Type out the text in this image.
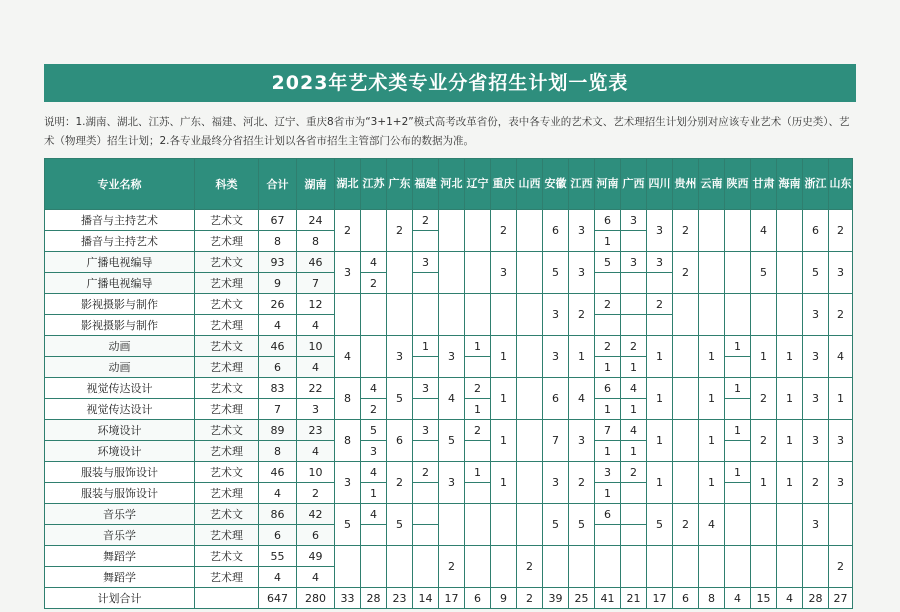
2023年艺术类专业分省招生计划一览表
说明：1.湖南、湖北、江苏、广东、福建、河北、辽宁、重庆8省市为“3+1+2”模式高考改革省份，表中各专业的艺术文、艺术理招生计划分别对应该专业艺术（历史类）、艺术（物理类）招生计划；2.各专业最终分省招生计划以各省市招生主管部门公布的数据为准。
专业名称	科类	合计	湖南	湖北	江苏	广东	福建	河北	辽宁	重庆	山西	安徽	江西	河南	广西	四川	贵州	云南	陕西	甘肃	海南	浙江	山东
播音与主持艺术	艺术文	67	24	2		2	2			2		6	3	6	3	3	2			4		6	2
播音与主持艺术	艺术理	8	8											1									
广播电视编导	艺术文	93	46	3	4		3			3		5	3	5	3	3	2			5		5	3
广播电视编导	艺术理	9	7		2																		
影视摄影与制作	艺术文	26	12									3	2	2		2						3	2
影视摄影与制作	艺术理	4	4																				
动画	艺术文	46	10	4		3	1	3	1	1		3	1	2	2	1		1	1	1	1	3	4
动画	艺术理	6	4											1	1								
视觉传达设计	艺术文	83	22	8	4	5	3	4	2	1		6	4	6	4	1		1	1	2	1	3	1
视觉传达设计	艺术理	7	3		2				1					1	1								
环境设计	艺术文	89	23	8	5	6	3	5	2	1		7	3	7	4	1		1	1	2	1	3	3
环境设计	艺术理	8	4		3									1	1								
服装与服饰设计	艺术文	46	10	3	4	2	2	3	1	1		3	2	3	2	1		1	1	1	1	2	3
服装与服饰设计	艺术理	4	2		1									1									
音乐学	艺术文	86	42	5	4	5						5	5	6		5	2	4				3	
音乐学	艺术理	6	6																				
舞蹈学	艺术文	55	49					2			2												2
舞蹈学	艺术理	4	4																				
计划合计		647	280	33	28	23	14	17	6	9	2	39	25	41	21	17	6	8	4	15	4	28	27
